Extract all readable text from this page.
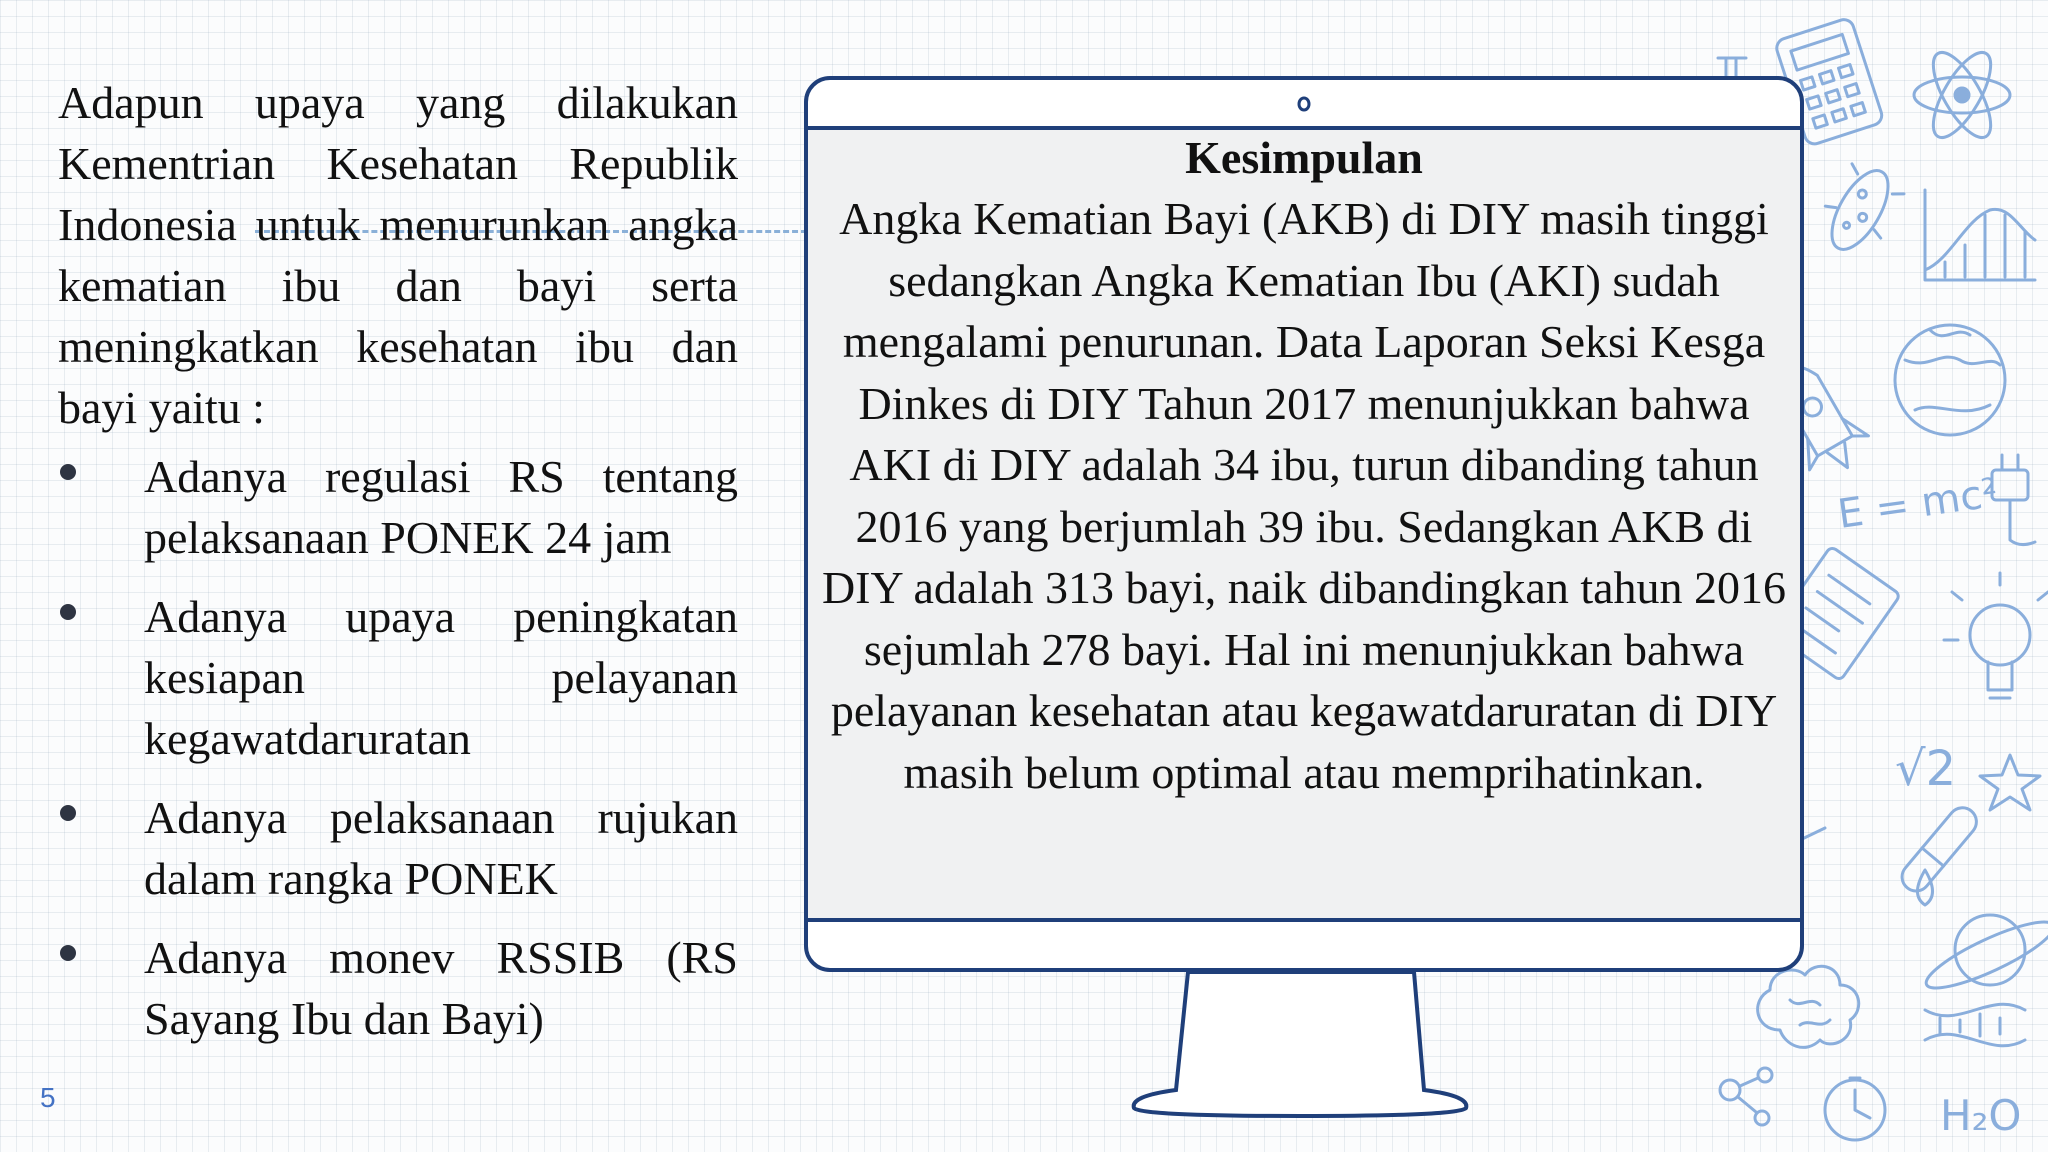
E = mc²
√2
H₂O

Adapun upaya yang dilakukan Kementrian Kesehatan Republik Indonesia untuk menurunkan angka kematian ibu dan bayi serta meningkatkan kesehatan ibu dan bayi yaitu :

Adanya regulasi RS tentang pelaksanaan PONEK 24 jam
Adanya upaya peningkatan kesiapan pelayanan kegawatdaruratan
Adanya pelaksanaan rujukan dalam rangka PONEK
Adanya monev RSSIB (RS Sayang Ibu dan Bayi)

Kesimpulan

Angka Kematian Bayi (AKB) di DIY masih tinggi sedangkan Angka Kematian Ibu (AKI) sudah mengalami penurunan. Data Laporan Seksi Kesga Dinkes di DIY Tahun 2017 menunjukkan bahwa AKI di DIY adalah 34 ibu, turun dibanding tahun 2016 yang berjumlah 39 ibu. Sedangkan AKB di DIY adalah 313 bayi, naik dibandingkan tahun 2016 sejumlah 278 bayi. Hal ini menunjukkan bahwa pelayanan kesehatan atau kegawatdaruratan di DIY masih belum optimal atau memprihatinkan.

5
